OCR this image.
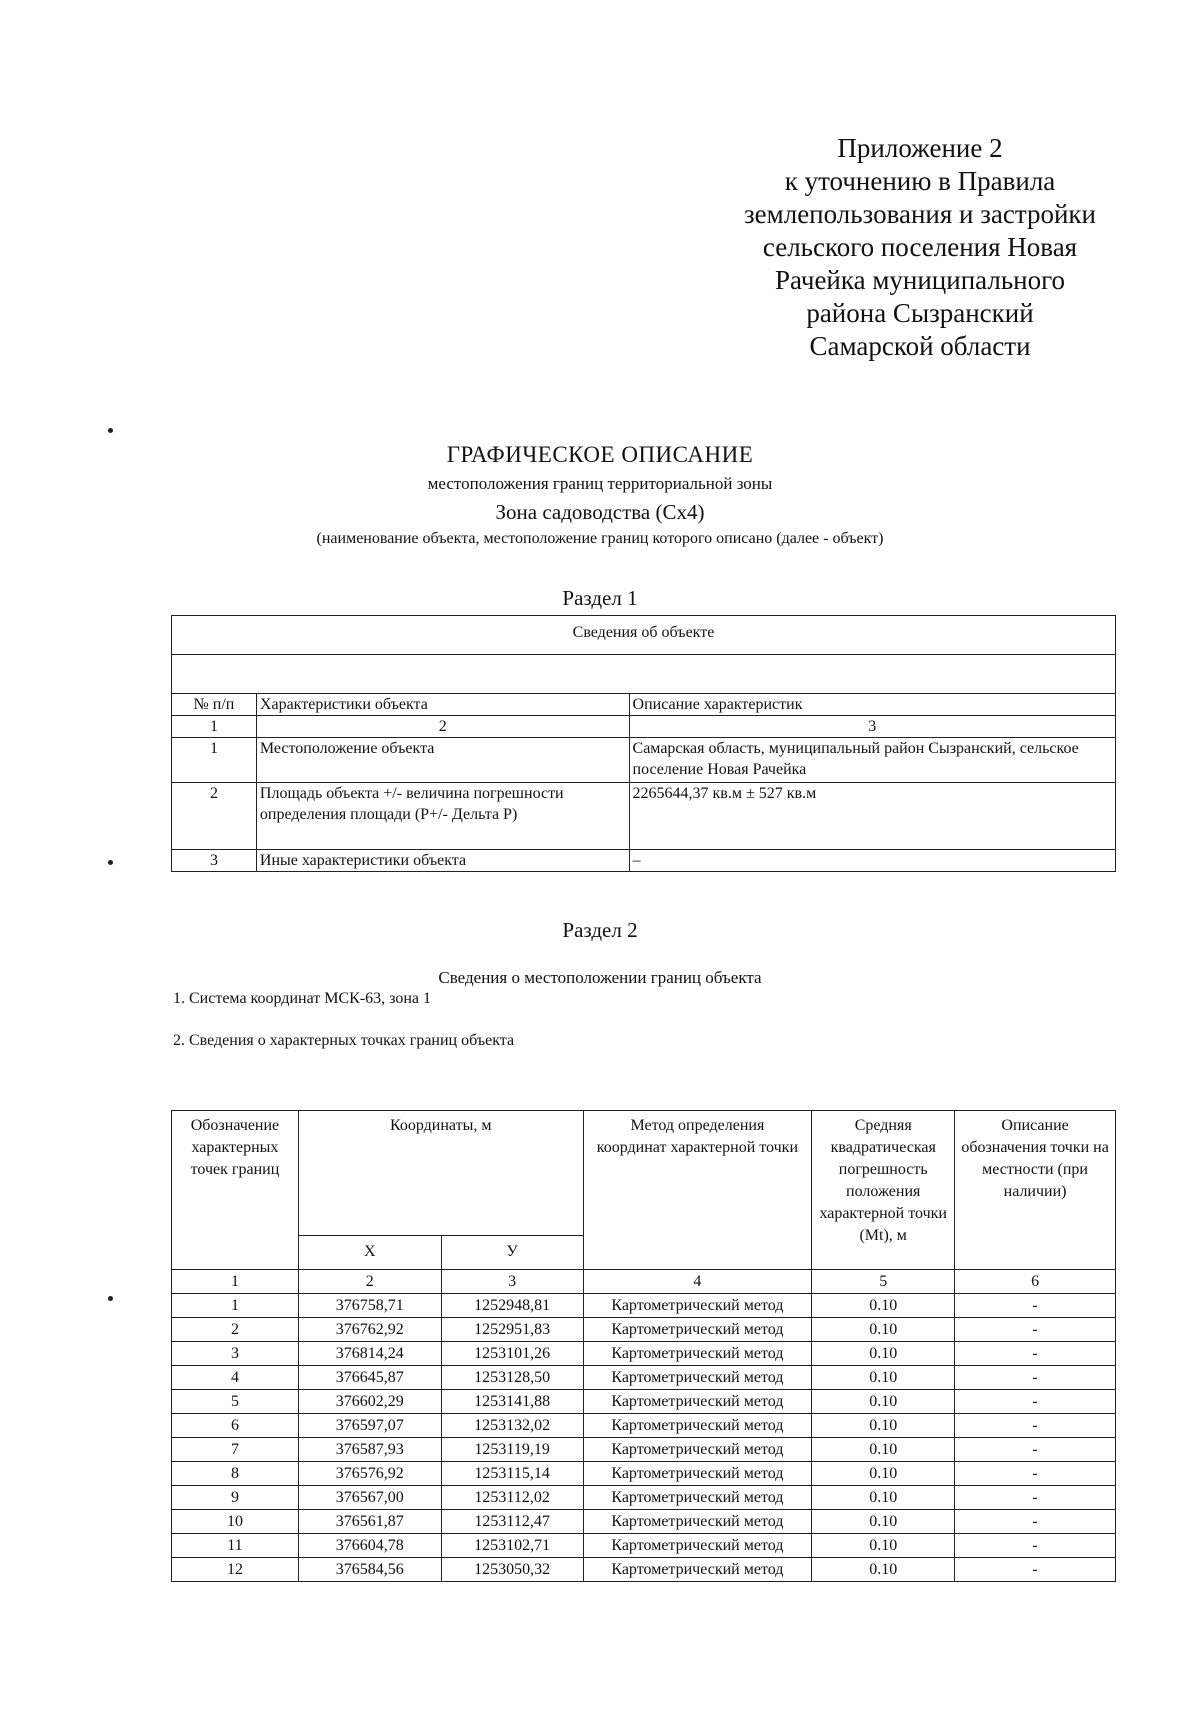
Приложение 2
к уточнению в Правила
землепользования и застройки
сельского поселения Новая
Рачейка муниципального
района Сызранский
Самарской области
ГРАФИЧЕСКОЕ ОПИСАНИЕ
местоположения границ территориальной зоны
Зона садоводства (Сх4)
(наименование объекта, местоположение границ которого описано (далее - объект)
Раздел 1
Сведения об объекте		

№ п/п	Характеристики объекта	Описание характеристик
1	2	3
1	Местоположение объекта	Самарская область, муниципальный район Сызранский, сельское поселение Новая Рачейка
2	Площадь объекта +/- величина погрешности определения площади (Р+/- Дельта Р)	2265644,37 кв.м ± 527 кв.м
3	Иные характеристики объекта	–
Раздел 2
Сведения о местоположении границ объекта
1. Система координат МСК-63, зона 1
2. Сведения о характерных точках границ объекта
Обозначение характерных точек границ	Координаты, м		Метод определения координат характерной точки	Средняя квадратическая погрешность положения характерной точки (Мt), м	Описание обозначения точки на местности (при наличии)
	X	У			
1	2	3	4	5	6
1	376758,71	1252948,81	Картометрический метод	0.10	-
2	376762,92	1252951,83	Картометрический метод	0.10	-
3	376814,24	1253101,26	Картометрический метод	0.10	-
4	376645,87	1253128,50	Картометрический метод	0.10	-
5	376602,29	1253141,88	Картометрический метод	0.10	-
6	376597,07	1253132,02	Картометрический метод	0.10	-
7	376587,93	1253119,19	Картометрический метод	0.10	-
8	376576,92	1253115,14	Картометрический метод	0.10	-
9	376567,00	1253112,02	Картометрический метод	0.10	-
10	376561,87	1253112,47	Картометрический метод	0.10	-
11	376604,78	1253102,71	Картометрический метод	0.10	-
12	376584,56	1253050,32	Картометрический метод	0.10	-
